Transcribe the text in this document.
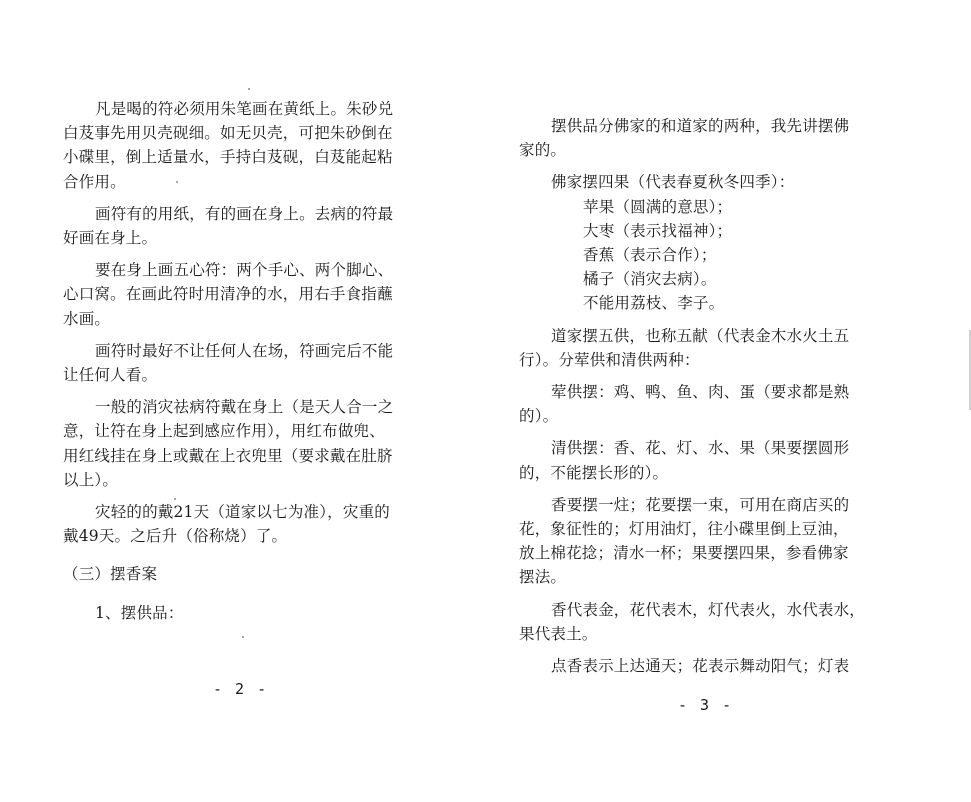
凡是喝的符必须用朱笔画在黄纸上。朱砂兑
白芨事先用贝壳砚细。如无贝壳，可把朱砂倒在
小碟里，倒上适量水，手持白芨砚，白芨能起粘
合作用。
画符有的用纸，有的画在身上。去病的符最
好画在身上。
要在身上画五心符：两个手心、两个脚心、
心口窝。在画此符时用清净的水，用右手食指蘸
水画。
画符时最好不让任何人在场，符画完后不能
让任何人看。
一般的消灾祛病符戴在身上（是天人合一之
意，让符在身上起到感应作用），用红布做兜、
用红线挂在身上或戴在上衣兜里（要求戴在肚脐
以上）。
灾轻的的戴21天（道家以七为准），灾重的
戴49天。之后升（俗称烧）了。
（三）摆香案
1、摆供品：
- 2 -
摆供品分佛家的和道家的两种，我先讲摆佛
家的。
佛家摆四果（代表春夏秋冬四季）：
苹果（圆满的意思）；
大枣（表示找福神）；
香蕉（表示合作）；
橘子（消灾去病）。
不能用荔枝、李子。
道家摆五供，也称五献（代表金木水火土五
行）。分荤供和清供两种：
荤供摆：鸡、鸭、鱼、肉、蛋（要求都是熟
的）。
清供摆：香、花、灯、水、果（果要摆圆形
的，不能摆长形的）。
香要摆一炷；花要摆一束，可用在商店买的
花，象征性的；灯用油灯，往小碟里倒上豆油，
放上棉花捻；清水一杯；果要摆四果，参看佛家
摆法。
香代表金，花代表木，灯代表火，水代表水，
果代表土。
点香表示上达通天；花表示舞动阳气；灯表
- 3 -
